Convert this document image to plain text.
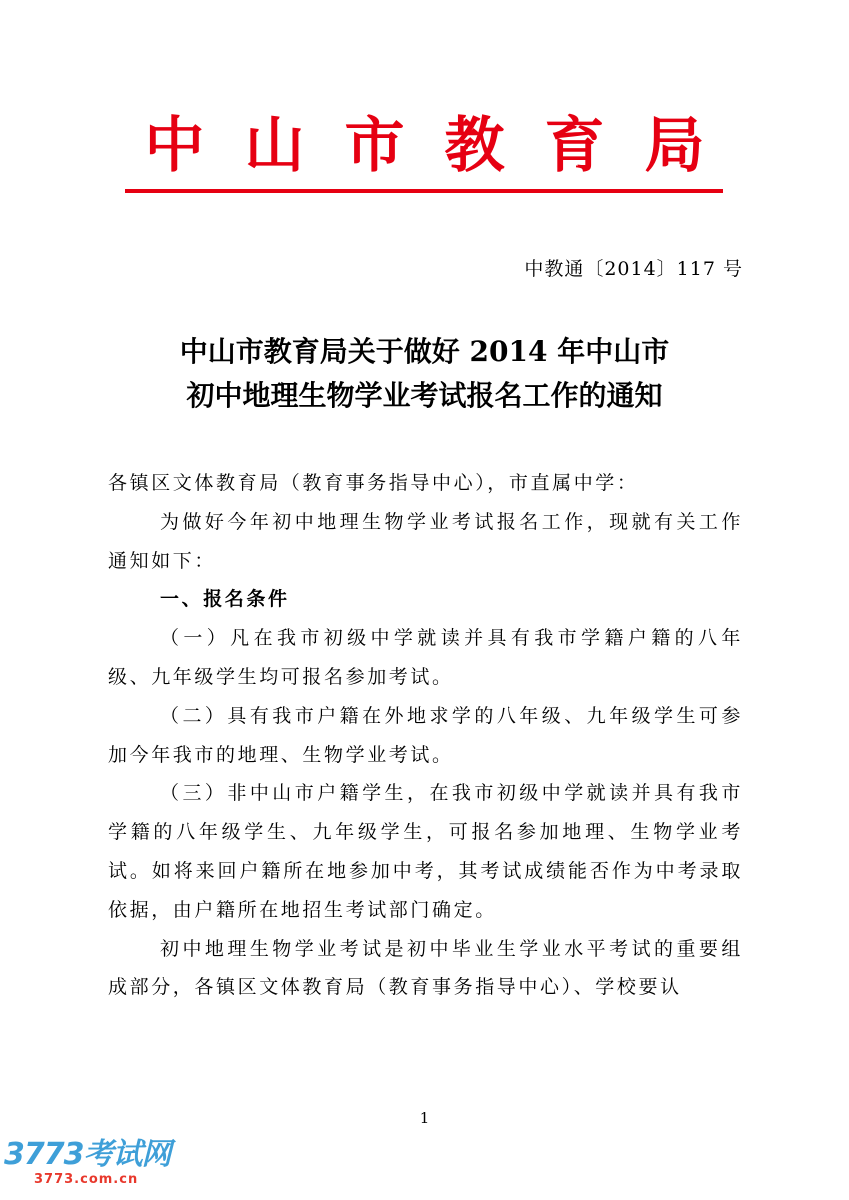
中山市教育局
中教通〔2014〕117 号
中山市教育局关于做好 2014 年中山市
初中地理生物学业考试报名工作的通知

各镇区文体教育局（教育事务指导中心），市直属中学：

为做好今年初中地理生物学业考试报名工作，现就有关工作通知如下：

一、报名条件

（一）凡在我市初级中学就读并具有我市学籍户籍的八年级、九年级学生均可报名参加考试。

（二）具有我市户籍在外地求学的八年级、九年级学生可参加今年我市的地理、生物学业考试。

（三）非中山市户籍学生，在我市初级中学就读并具有我市学籍的八年级学生、九年级学生，可报名参加地理、生物学业考试。如将来回户籍所在地参加中考，其考试成绩能否作为中考录取依据，由户籍所在地招生考试部门确定。

初中地理生物学业考试是初中毕业生学业水平考试的重要组成部分，各镇区文体教育局（教育事务指导中心）、学校要认

1
3773考试网
3773.com.cn
